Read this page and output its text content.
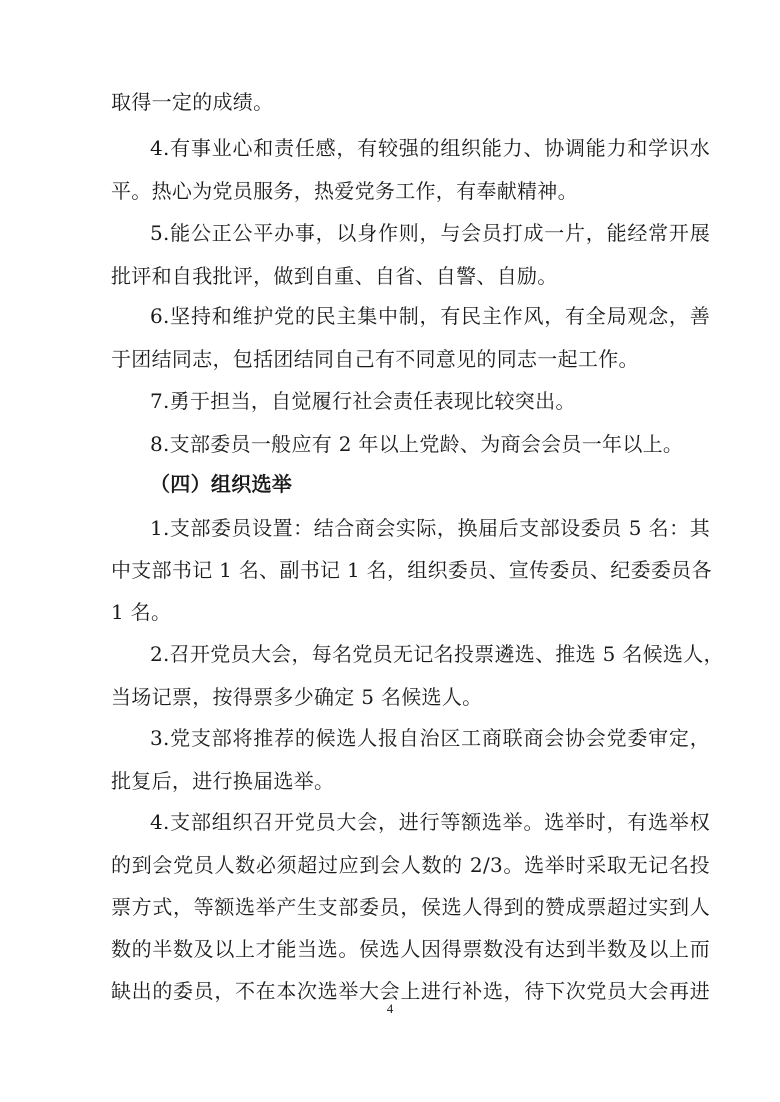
取得一定的成绩。
4.有事业心和责任感，有较强的组织能力、协调能力和学识水
平。热心为党员服务，热爱党务工作，有奉献精神。
5.能公正公平办事，以身作则，与会员打成一片，能经常开展
批评和自我批评，做到自重、自省、自警、自励。
6.坚持和维护党的民主集中制，有民主作风，有全局观念，善
于团结同志，包括团结同自己有不同意见的同志一起工作。
7.勇于担当，自觉履行社会责任表现比较突出。
8.支部委员一般应有 2 年以上党龄、为商会会员一年以上。
（四）组织选举
1.支部委员设置：结合商会实际，换届后支部设委员 5 名：其
中支部书记 1 名、副书记 1 名，组织委员、宣传委员、纪委委员各
1 名。
2.召开党员大会，每名党员无记名投票遴选、推选 5 名候选人，
当场记票，按得票多少确定 5 名候选人。
3.党支部将推荐的候选人报自治区工商联商会协会党委审定，
批复后，进行换届选举。
4.支部组织召开党员大会，进行等额选举。选举时，有选举权
的到会党员人数必须超过应到会人数的 2/3。选举时采取无记名投
票方式，等额选举产生支部委员，侯选人得到的赞成票超过实到人
数的半数及以上才能当选。侯选人因得票数没有达到半数及以上而
缺出的委员，不在本次选举大会上进行补选，待下次党员大会再进
4
